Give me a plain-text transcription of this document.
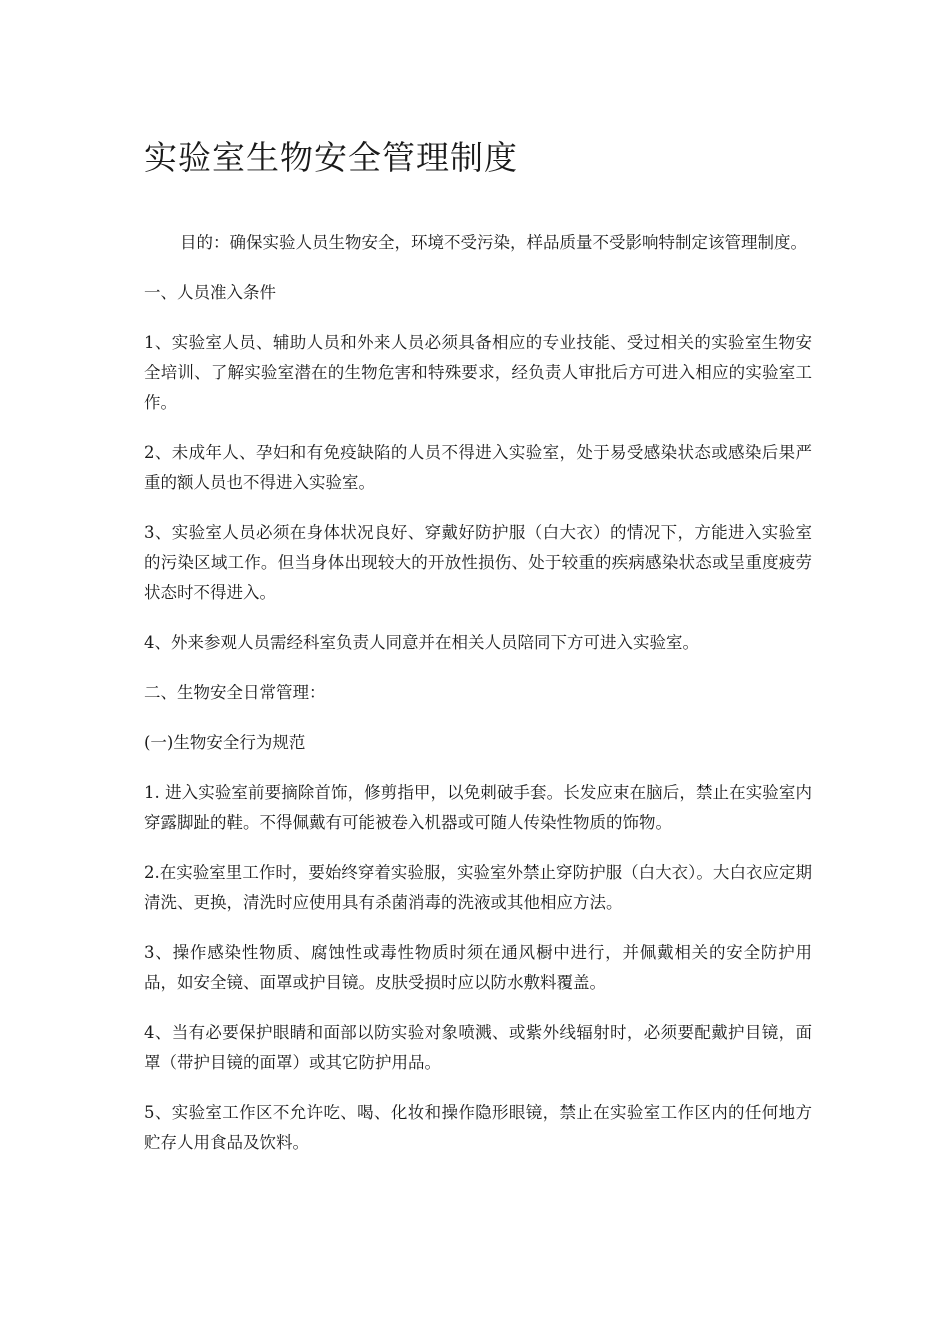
实验室生物安全管理制度

目的：确保实验人员生物安全，环境不受污染，样品质量不受影响特制定该管理制度。

一、人员准入条件

1、实验室人员、辅助人员和外来人员必须具备相应的专业技能、受过相关的实验室生物安全培训、了解实验室潜在的生物危害和特殊要求，经负责人审批后方可进入相应的实验室工作。

2、未成年人、孕妇和有免疫缺陷的人员不得进入实验室，处于易受感染状态或感染后果严重的额人员也不得进入实验室。

3、实验室人员必须在身体状况良好、穿戴好防护服（白大衣）的情况下，方能进入实验室的污染区域工作。但当身体出现较大的开放性损伤、处于较重的疾病感染状态或呈重度疲劳状态时不得进入。

4、外来参观人员需经科室负责人同意并在相关人员陪同下方可进入实验室。

二、生物安全日常管理：

(一)生物安全行为规范

1. 进入实验室前要摘除首饰，修剪指甲，以免刺破手套。长发应束在脑后，禁止在实验室内穿露脚趾的鞋。不得佩戴有可能被卷入机器或可随人传染性物质的饰物。

2.在实验室里工作时，要始终穿着实验服，实验室外禁止穿防护服（白大衣）。大白衣应定期清洗、更换，清洗时应使用具有杀菌消毒的洗液或其他相应方法。

3、操作感染性物质、腐蚀性或毒性物质时须在通风橱中进行，并佩戴相关的安全防护用品，如安全镜、面罩或护目镜。皮肤受损时应以防水敷料覆盖。

4、当有必要保护眼睛和面部以防实验对象喷溅、或紫外线辐射时，必须要配戴护目镜，面罩（带护目镜的面罩）或其它防护用品。

5、实验室工作区不允许吃、喝、化妆和操作隐形眼镜，禁止在实验室工作区内的任何地方贮存人用食品及饮料。
